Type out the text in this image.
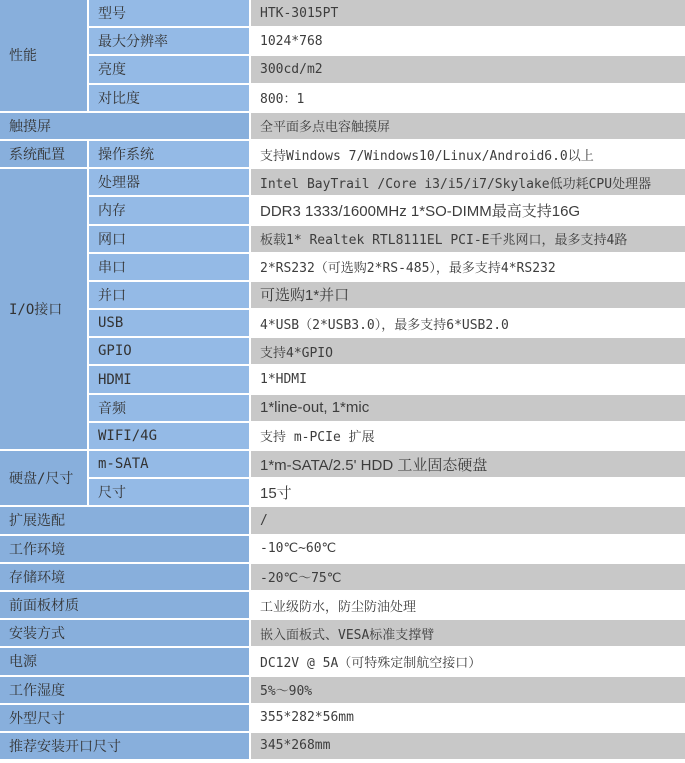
性能	型号	HTK-3015PT
	最大分辨率	1024*768
	亮度	300cd/m2
	对比度	800：1
触摸屏		全平面多点电容触摸屏
系统配置	操作系统	支持Windows 7/Windows10/Linux/Android6.0以上
I/O接口	处理器	Intel BayTrail /Core i3/i5/i7/Skylake低功耗CPU处理器
	内存	DDR3 1333/1600MHz 1*SO-DIMM最高支持16G
	网口	板载1* Realtek RTL8111EL PCI-E千兆网口，最多支持4路
	串口	2*RS232（可选购2*RS-485），最多支持4*RS232
	并口	可选购1*并口
	USB	4*USB（2*USB3.0），最多支持6*USB2.0
	GPIO	支持4*GPIO
	HDMI	1*HDMI
	音频	1*line-out, 1*mic
	WIFI/4G	支持 m-PCIe 扩展
硬盘/尺寸	m-SATA	1*m-SATA/2.5' HDD 工业固态硬盘
	尺寸	15寸
扩展选配		/
工作环境		-10℃~60℃
存储环境		-20℃～75℃
前面板材质		工业级防水，防尘防油处理
安装方式		嵌入面板式、VESA标准支撑臂
电源		DC12V @ 5A（可特殊定制航空接口）
工作湿度		5%～90%
外型尺寸		355*282*56mm
推荐安装开口尺寸		345*268mm
